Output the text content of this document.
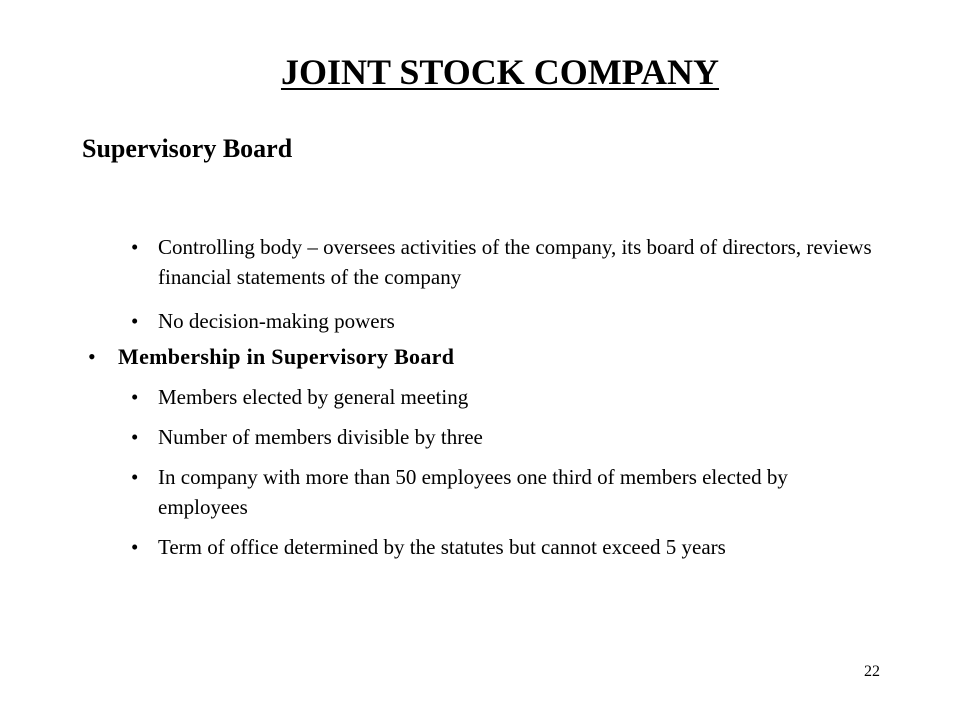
JOINT STOCK COMPANY
Supervisory Board
• Controlling body – oversees activities of the company, its board of directors, reviews financial statements of the company
• No decision-making powers
• Membership in Supervisory Board
• Members elected by general meeting
• Number of members divisible by three
• In company with more than 50 employees one third of members elected by employees
• Term of office determined by the statutes but cannot exceed 5 years
22
